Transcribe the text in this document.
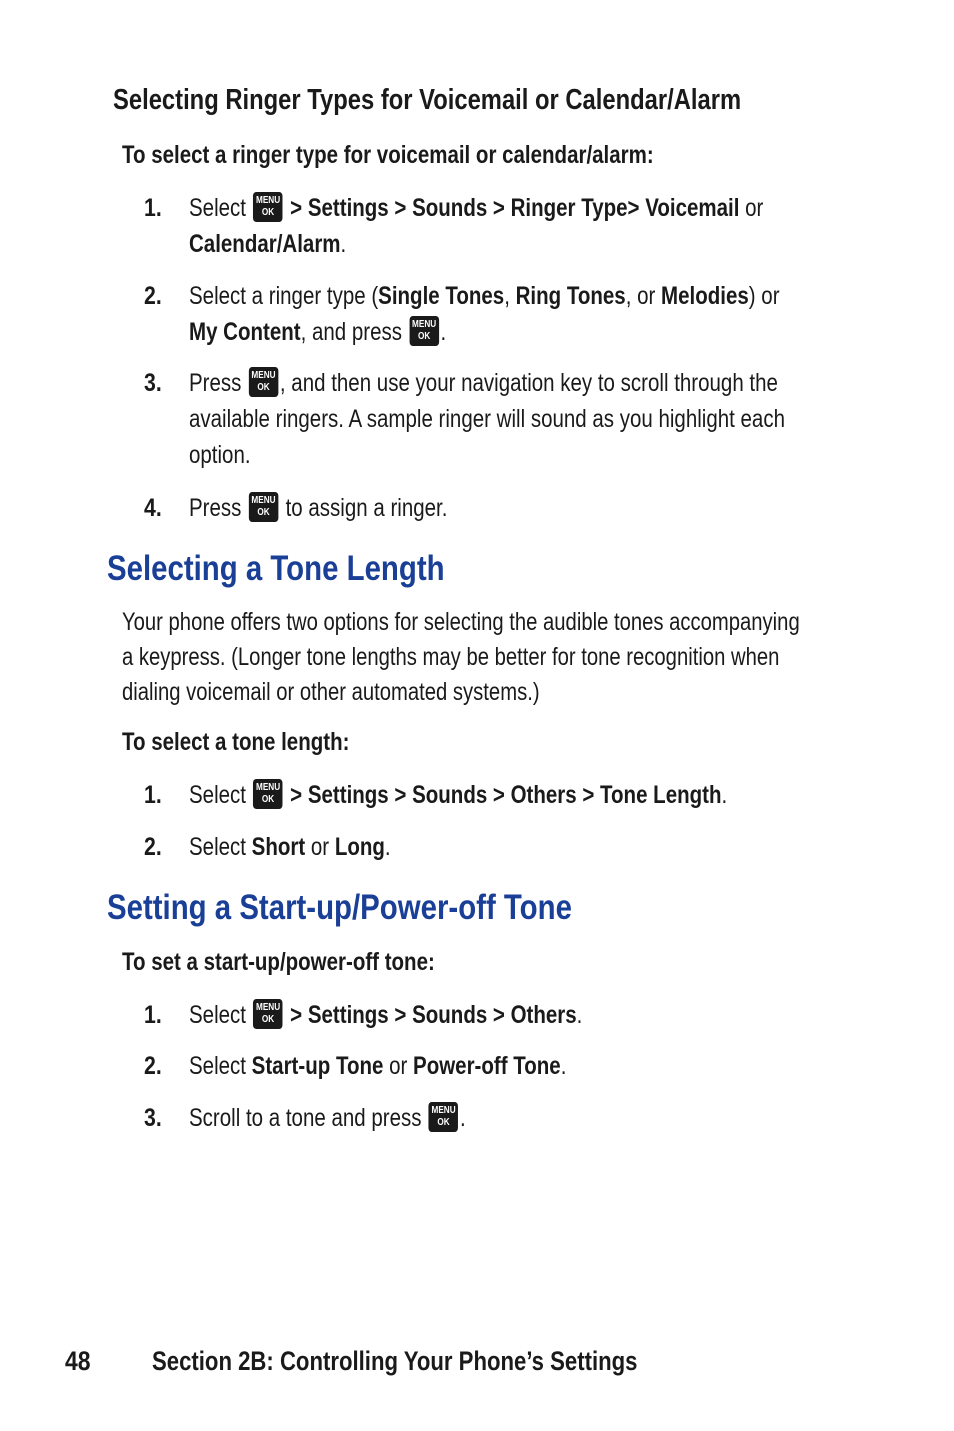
Selecting Ringer Types for Voicemail or Calendar/Alarm
To select a ringer type for voicemail or calendar/alarm:
1. Select MENU OK > Settings > Sounds > Ringer Type> Voicemail or
Calendar/Alarm.
2. Select a ringer type (Single Tones, Ring Tones, or Melodies) or
My Content, and press MENU OK.
3. Press MENU OK, and then use your navigation key to scroll through the
available ringers. A sample ringer will sound as you highlight each
option.
4. Press MENU OK to assign a ringer.
Selecting a Tone Length
Your phone offers two options for selecting the audible tones accompanying
a keypress. (Longer tone lengths may be better for tone recognition when
dialing voicemail or other automated systems.)
To select a tone length:
1. Select MENU OK > Settings > Sounds > Others > Tone Length.
2. Select Short or Long.
Setting a Start-up/Power-off Tone
To set a start-up/power-off tone:
1. Select MENU OK > Settings > Sounds > Others.
2. Select Start-up Tone or Power-off Tone.
3. Scroll to a tone and press MENU OK.
48 Section 2B: Controlling Your Phone’s Settings
